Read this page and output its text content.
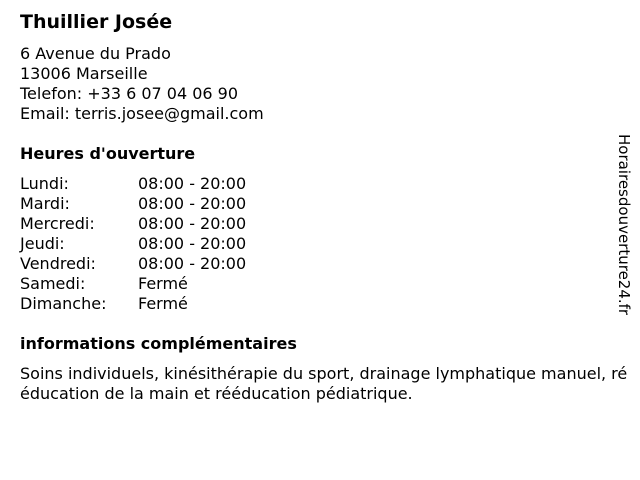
Thuillier Josée
6 Avenue du Prado
13006 Marseille
Telefon: +33 6 07 04 06 90
Email: terris.josee@gmail.com
Heures d'ouverture
Lundi:	08:00 - 20:00
Mardi:	08:00 - 20:00
Mercredi:	08:00 - 20:00
Jeudi:	08:00 - 20:00
Vendredi:	08:00 - 20:00
Samedi:	Fermé
Dimanche:	Fermé
informations complémentaires
Soins individuels, kinésithérapie du sport, drainage lymphatique manuel, rééducation de la main et rééducation pédiatrique.
Horairesdouverture24.fr
